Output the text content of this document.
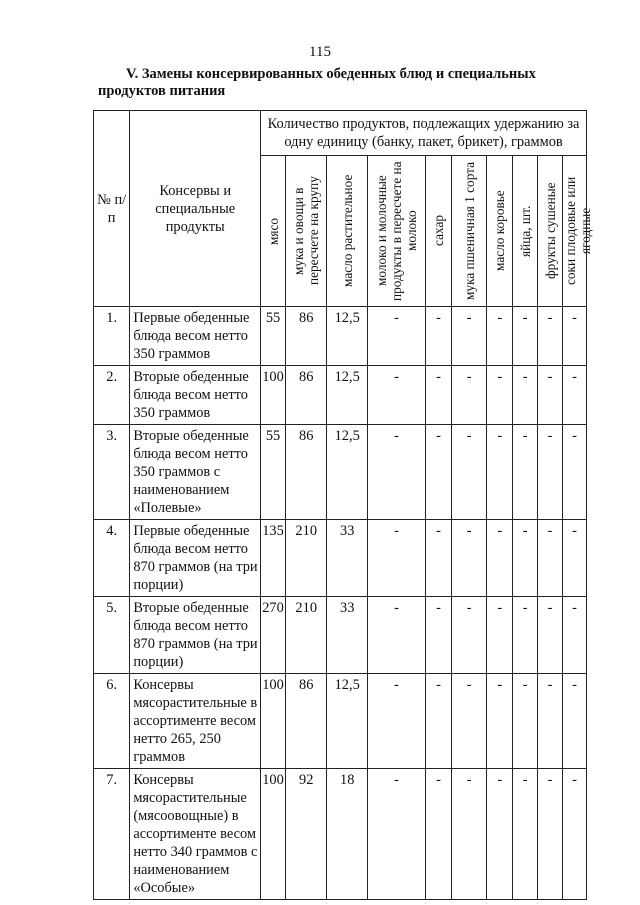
115
V. Замены консервированных обеденных блюд и специальных продуктов питания
№ п/п	Консервы и специальные продукты	Количество продуктов, подлежащих удержанию за одну единицу (банку, пакет, брикет), граммов									

		мясо	мука и овощи в пересчете на крупу	масло растительное	молоко и молочные продукты в пересчете на молоко	сахар	мука пшеничная 1 сорта	масло коровье	яйца, шт.	фрукты сушеные	соки плодовые или ягодные

1.	Первые обеденные блюда весом нетто 350 граммов	55	86	12,5	-	-	-	-	-	-	-
2.	Вторые обеденные блюда весом нетто 350 граммов	100	86	12,5	-	-	-	-	-	-	-
3.	Вторые обеденные блюда весом нетто 350 граммов с наименованием «Полевые»	55	86	12,5	-	-	-	-	-	-	-
4.	Первые обеденные блюда весом нетто 870 граммов (на три порции)	135	210	33	-	-	-	-	-	-	-
5.	Вторые обеденные блюда весом нетто 870 граммов (на три порции)	270	210	33	-	-	-	-	-	-	-
6.	Консервы мясорастительные в ассортименте весом нетто 265, 250 граммов	100	86	12,5	-	-	-	-	-	-	-
7.	Консервы мясорастительные (мясоовощные) в ассортименте весом нетто 340 граммов с наименованием «Особые»	100	92	18	-	-	-	-	-	-	-
